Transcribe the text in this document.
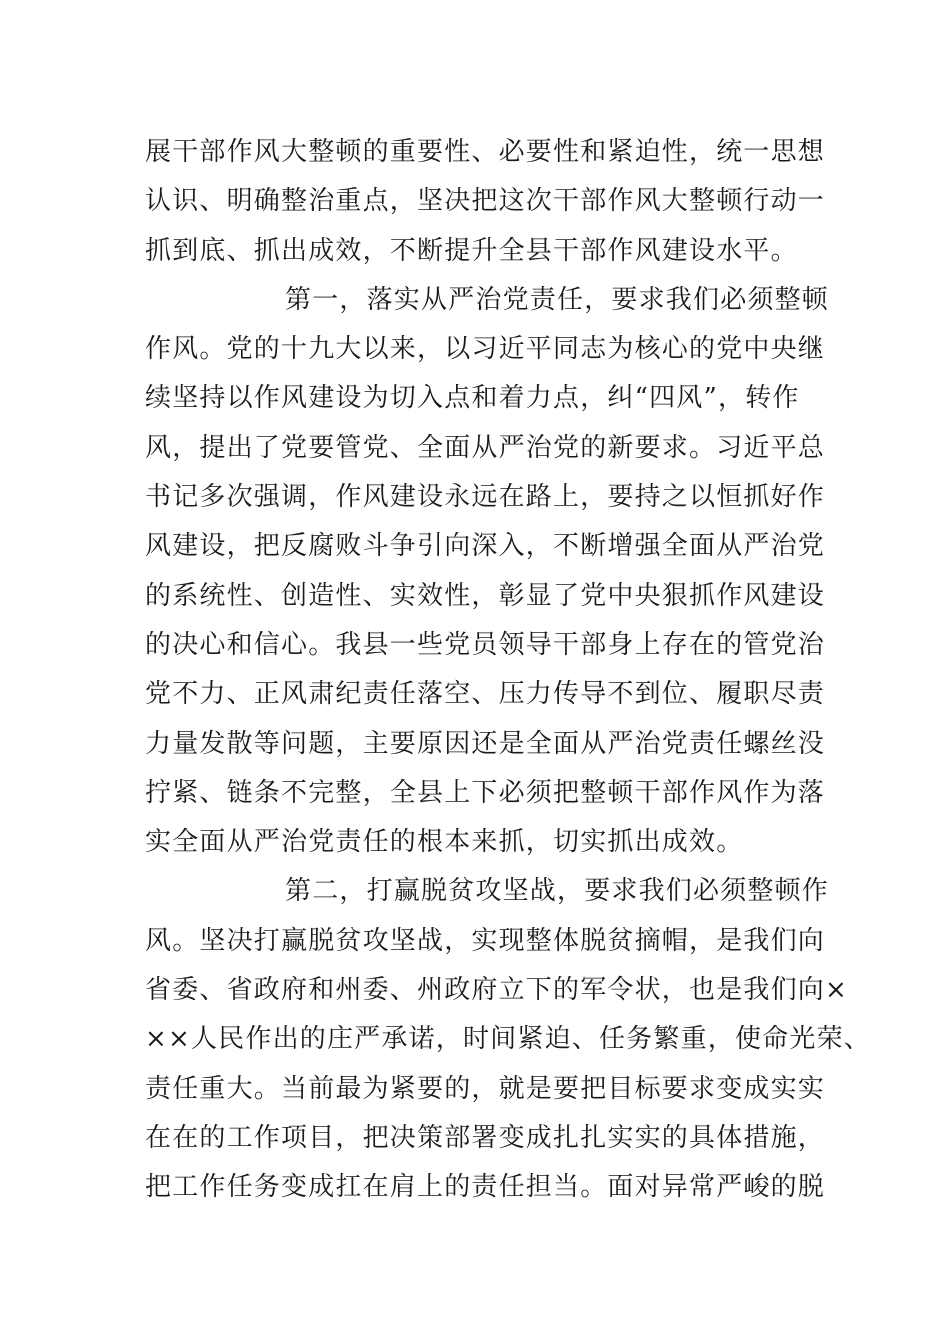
展干部作风大整顿的重要性、必要性和紧迫性，统一思想
认识、明确整治重点，坚决把这次干部作风大整顿行动一
抓到底、抓出成效，不断提升全县干部作风建设水平。
第一，落实从严治党责任，要求我们必须整顿
作风。党的十九大以来，以习近平同志为核心的党中央继
续坚持以作风建设为切入点和着力点，纠“四风”，转作
风，提出了党要管党、全面从严治党的新要求。习近平总
书记多次强调，作风建设永远在路上，要持之以恒抓好作
风建设，把反腐败斗争引向深入，不断增强全面从严治党
的系统性、创造性、实效性，彰显了党中央狠抓作风建设
的决心和信心。我县一些党员领导干部身上存在的管党治
党不力、正风肃纪责任落空、压力传导不到位、履职尽责
力量发散等问题，主要原因还是全面从严治党责任螺丝没
拧紧、链条不完整，全县上下必须把整顿干部作风作为落
实全面从严治党责任的根本来抓，切实抓出成效。
第二，打赢脱贫攻坚战，要求我们必须整顿作
风。坚决打赢脱贫攻坚战，实现整体脱贫摘帽，是我们向
省委、省政府和州委、州政府立下的军令状，也是我们向×
××人民作出的庄严承诺，时间紧迫、任务繁重，使命光荣、
责任重大。当前最为紧要的，就是要把目标要求变成实实
在在的工作项目，把决策部署变成扎扎实实的具体措施，
把工作任务变成扛在肩上的责任担当。面对异常严峻的脱
